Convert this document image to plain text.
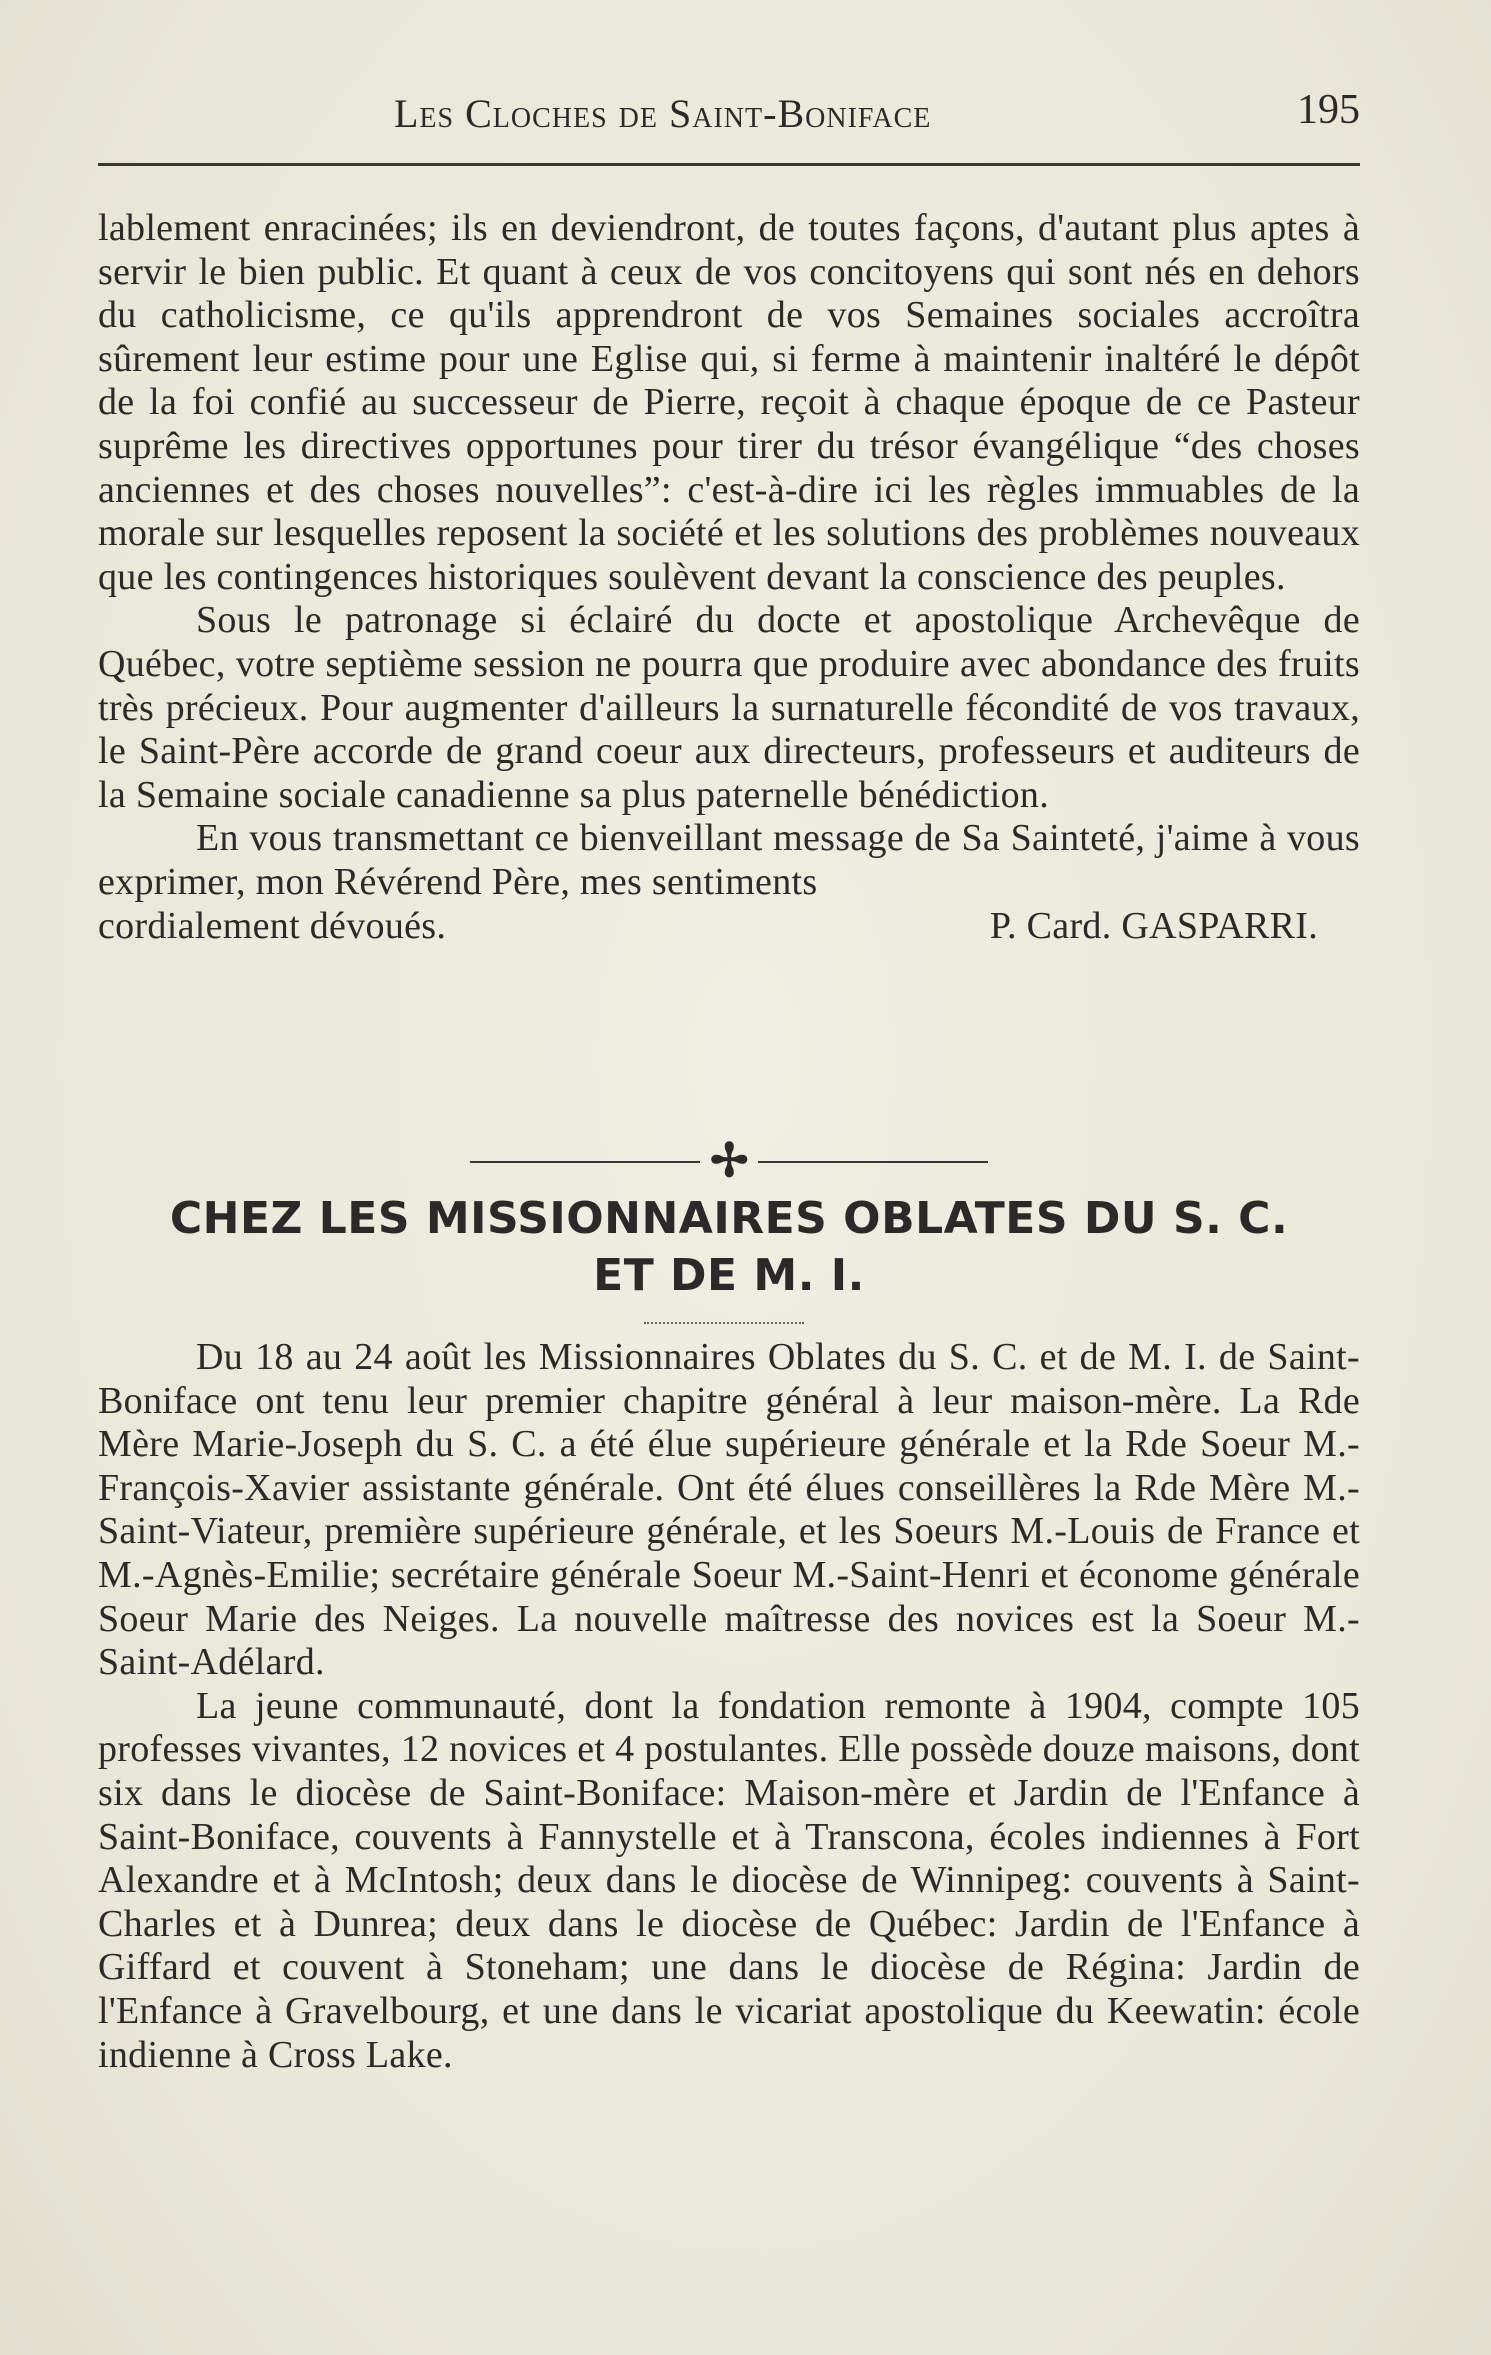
Les Cloches de Saint-Boniface	195

lablement enracinées; ils en deviendront, de toutes façons, d'autant plus aptes à servir le bien public. Et quant à ceux de vos concitoyens qui sont nés en dehors du catholicisme, ce qu'ils apprendront de vos Semaines sociales accroîtra sûrement leur estime pour une Eglise qui, si ferme à maintenir inaltéré le dépôt de la foi confié au successeur de Pierre, reçoit à chaque époque de ce Pasteur suprême les directives opportunes pour tirer du trésor évangélique “des choses anciennes et des choses nouvelles”: c'est-à-dire ici les règles immuables de la morale sur lesquelles reposent la société et les solutions des problèmes nouveaux que les contingences historiques soulèvent devant la conscience des peuples.

Sous le patronage si éclairé du docte et apostolique Archevêque de Québec, votre septième session ne pourra que produire avec abondance des fruits très précieux. Pour augmenter d'ailleurs la surnaturelle fécondité de vos travaux, le Saint-Père accorde de grand coeur aux directeurs, professeurs et auditeurs de la Semaine sociale canadienne sa plus paternelle bénédiction.

En vous transmettant ce bienveillant message de Sa Sainteté, j'aime à vous exprimer, mon Révérend Père, mes sentiments

cordialement dévoués.	P. Card. GASPARRI.
✢
CHEZ LES MISSIONNAIRES OBLATES DU S. C.
ET DE M. I.

Du 18 au 24 août les Missionnaires Oblates du S. C. et de M. I. de Saint-Boniface ont tenu leur premier chapitre général à leur maison-mère. La Rde Mère Marie-Joseph du S. C. a été élue supérieure générale et la Rde Soeur M.-François-Xavier assistante générale. Ont été élues conseillères la Rde Mère M.-Saint-Viateur, première supérieure générale, et les Soeurs M.-Louis de France et M.-Agnès-Emilie; secrétaire générale Soeur M.-Saint-Henri et économe générale Soeur Marie des Neiges. La nouvelle maîtresse des novices est la Soeur M.-Saint-Adélard.

La jeune communauté, dont la fondation remonte à 1904, compte 105 professes vivantes, 12 novices et 4 postulantes. Elle possède douze maisons, dont six dans le diocèse de Saint-Boniface: Maison-mère et Jardin de l'Enfance à Saint-Boniface, couvents à Fannystelle et à Transcona, écoles indiennes à Fort Alexandre et à McIntosh; deux dans le diocèse de Winnipeg: couvents à Saint-Charles et à Dunrea; deux dans le diocèse de Québec: Jardin de l'Enfance à Giffard et couvent à Stoneham; une dans le diocèse de Régina: Jardin de l'Enfance à Gravelbourg, et une dans le vicariat apostolique du Keewatin: école indienne à Cross Lake.
